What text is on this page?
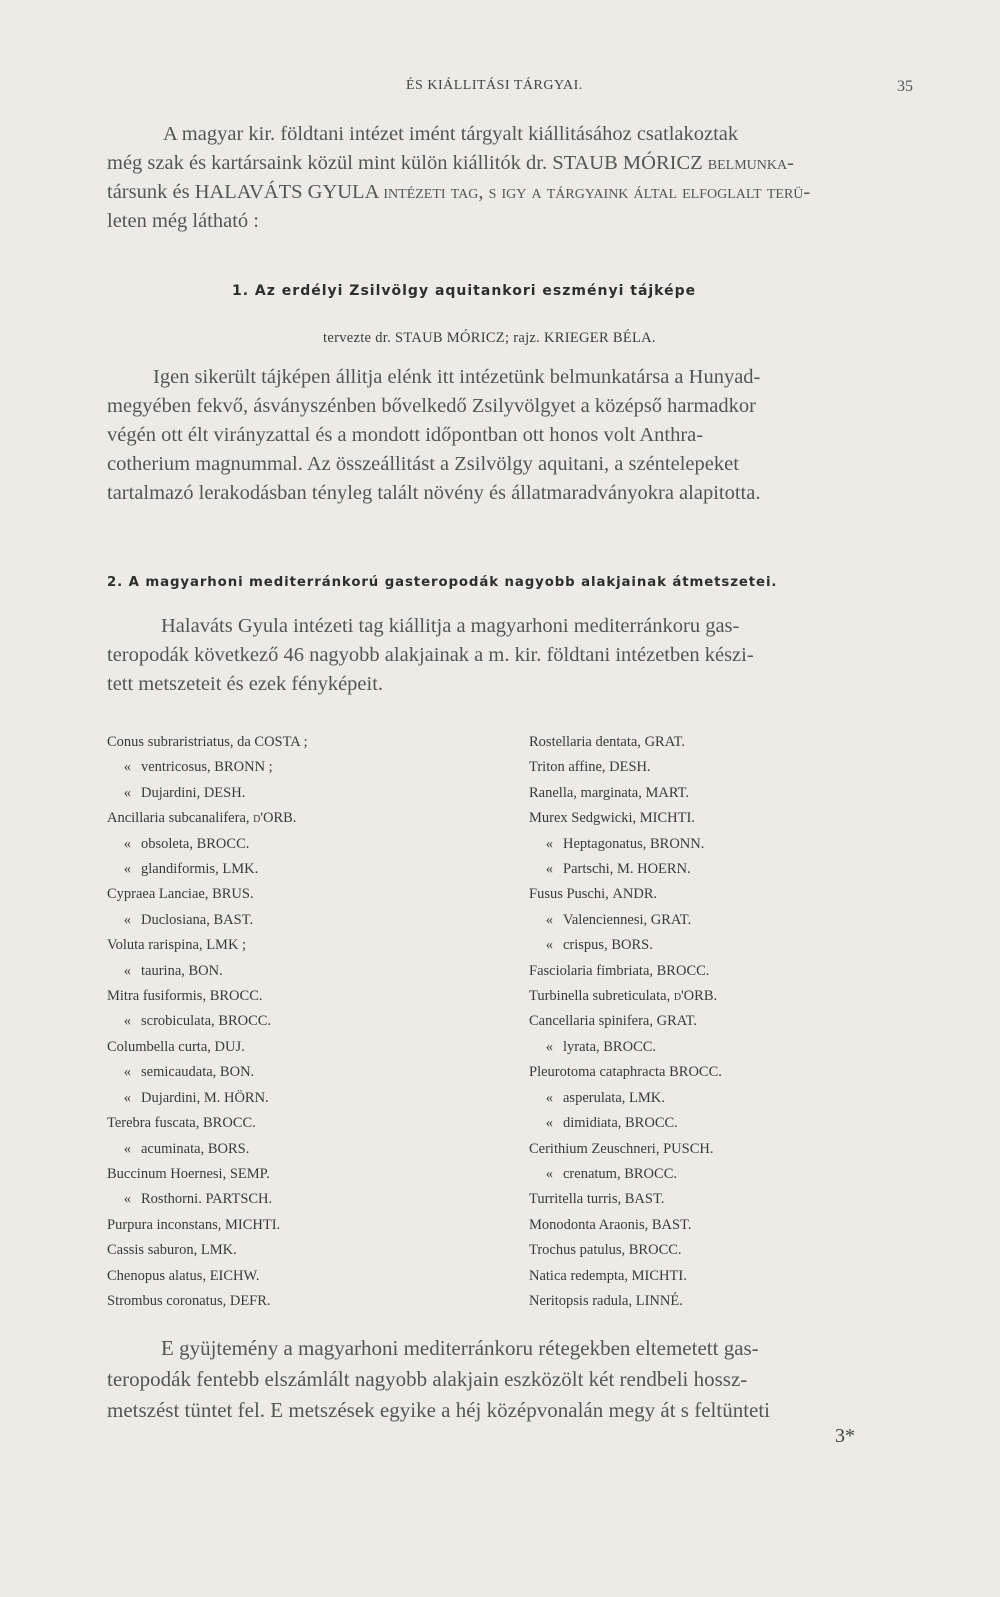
ÉS KIÁLLITÁSI TÁRGYAI.	35
A magyar kir. földtani intézet imént tárgyalt kiállitásához csatlakoztak
még szak és kartársaink közül mint külön kiállitók dr. STAUB MÓRICZ belmunka-
társunk és HALAVÁTS GYULA intézeti tag, s igy a tárgyaink által elfoglalt terü-
leten még látható :
1. Az erdélyi Zsilvölgy aquitankori eszményi tájképe
tervezte dr. STAUB MÓRICZ; rajz. KRIEGER BÉLA.
Igen sikerült tájképen állitja elénk itt intézetünk belmunkatársa a Hunyad-
megyében fekvő, ásványszénben bővelkedő Zsilyvölgyet a középső harmadkor
végén ott élt virányzattal és a mondott időpontban ott honos volt Anthra-
cotherium magnummal. Az összeállitást a Zsilvölgy aquitani, a széntelepeket
tartalmazó lerakodásban tényleg talált növény és állatmaradványokra alapitotta.
2. A magyarhoni mediterránkorú gasteropodák nagyobb alakjainak átmetszetei.
Halaváts Gyula intézeti tag kiállitja a magyarhoni mediterránkoru gas-
teropodák következő 46 nagyobb alakjainak a m. kir. földtani intézetben készi-
tett metszeteit és ezek fényképeit.
Conus subraristriatus, da COSTA ;
« ventricosus, BRONN ;
« Dujardini, DESH.
Ancillaria subcanalifera, d'ORB.
« obsoleta, BROCC.
« glandiformis, LMK.
Cypraea Lanciae, BRUS.
« Duclosiana, BAST.
Voluta rarispina, LMK ;
« taurina, BON.
Mitra fusiformis, BROCC.
« scrobiculata, BROCC.
Columbella curta, DUJ.
« semicaudata, BON.
« Dujardini, M. HÖRN.
Terebra fuscata, BROCC.
« acuminata, BORS.
Buccinum Hoernesi, SEMP.
« Rosthorni. PARTSCH.
Purpura inconstans, MICHTI.
Cassis saburon, LMK.
Chenopus alatus, EICHW.
Strombus coronatus, DEFR.
Rostellaria dentata, GRAT.
Triton affine, DESH.
Ranella, marginata, MART.
Murex Sedgwicki, MICHTI.
« Heptagonatus, BRONN.
« Partschi, M. HOERN.
Fusus Puschi, ANDR.
« Valenciennesi, GRAT.
« crispus, BORS.
Fasciolaria fimbriata, BROCC.
Turbinella subreticulata, d'ORB.
Cancellaria spinifera, GRAT.
« lyrata, BROCC.
Pleurotoma cataphracta BROCC.
« asperulata, LMK.
« dimidiata, BROCC.
Cerithium Zeuschneri, PUSCH.
« crenatum, BROCC.
Turritella turris, BAST.
Monodonta Araonis, BAST.
Trochus patulus, BROCC.
Natica redempta, MICHTI.
Neritopsis radula, LINNÉ.
E gyüjtemény a magyarhoni mediterránkoru rétegekben eltemetett gas-
teropodák fentebb elszámlált nagyobb alakjain eszközölt két rendbeli hossz-
metszést tüntet fel. E metszések egyike a héj középvonalán megy át s feltünteti
3*
